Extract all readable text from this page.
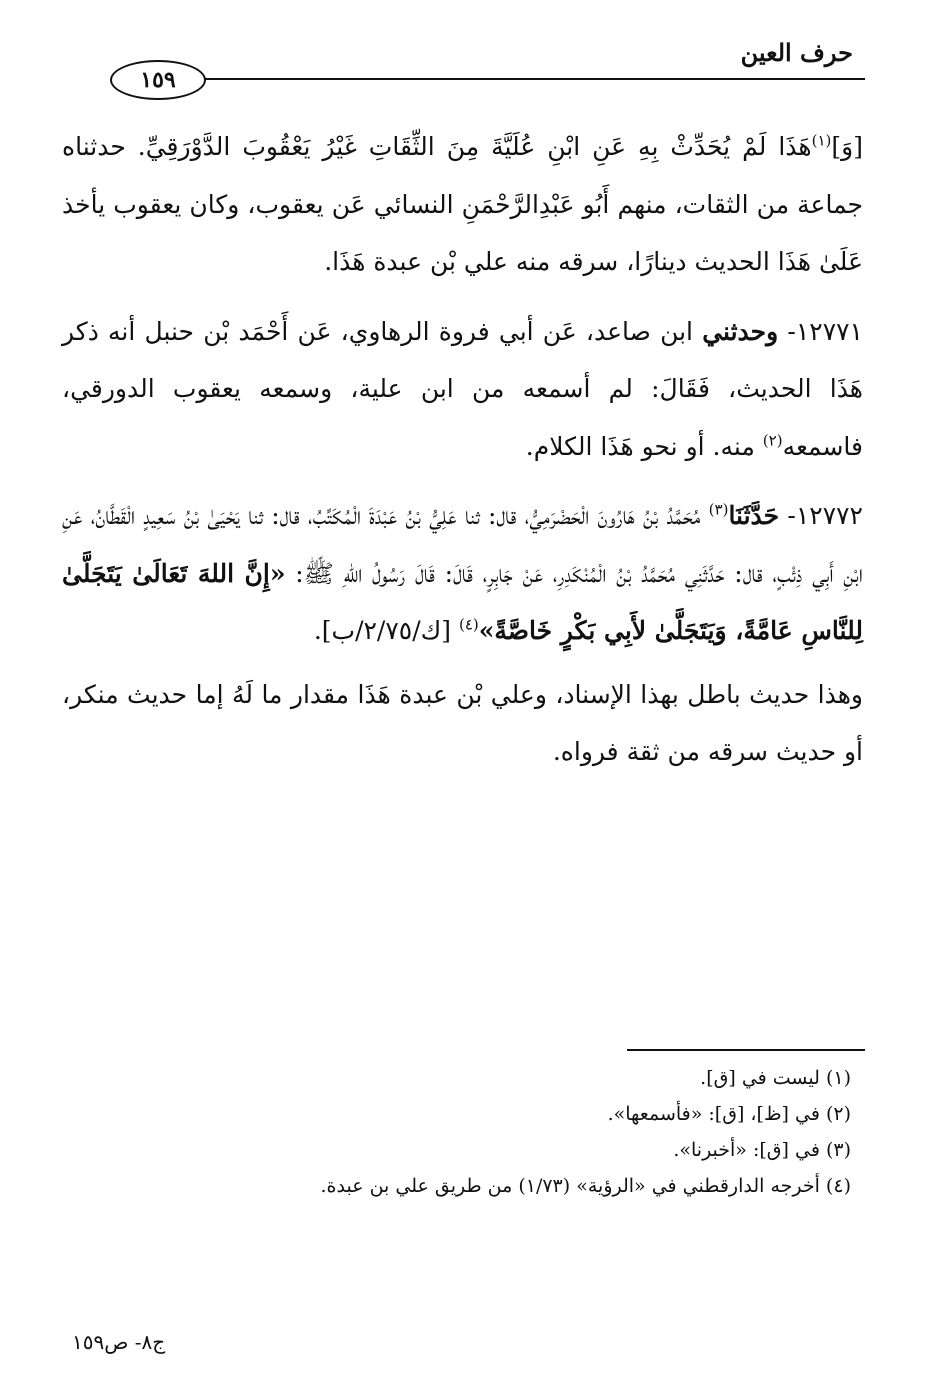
حرف العين
١٥٩

[وَ]$^{(١)}$هَذَا لَمْ يُحَدِّثْ بِهِ عَنِ ابْنِ عُلَيَّةَ مِنَ الثِّقَاتِ غَيْرُ يَعْقُوبَ الدَّوْرَقِيِّ. حدثناه جماعة من الثقات، منهم أَبُو عَبْدِالرَّحْمَنِ النسائي عَن يعقوب، وكان يعقوب يأخذ عَلَىٰ هَذَا الحديث دينارًا، سرقه منه علي بْن عبدة هَذَا.

١٢٧٧١- وحدثني ابن صاعد، عَن أبي فروة الرهاوي، عَن أَحْمَد بْن حنبل أنه ذكر هَذَا الحديث، فَقَالَ: لم أسمعه من ابن علية، وسمعه يعقوب الدورقي، فاسمعه$^{(٢)}$ منه. أو نحو هَذَا الكلام.

١٢٧٧٢- حَدَّثَنَا$^{(٣)}$ مُحَمَّدُ بْنُ هَارُونَ الْحَضْرَمِيُّ، قال: ثنا عَلِيُّ بْنُ عَبْدَةَ الْمُكَتِّبُ، قال: ثنا يَحْيَىٰ بْنُ سَعِيدٍ الْقَطَّانُ، عَنِ ابْنِ أَبِي ذِئْبٍ، قال: حَدَّثَنِي مُحَمَّدُ بْنُ الْمُنْكَدِرِ، عَنْ جَابِرٍ، قَالَ: قَالَ رَسُولُ اللهِ ﷺ: «إِنَّ اللهَ تَعَالَىٰ يَتَجَلَّىٰ لِلنَّاسِ عَامَّةً، وَيَتَجَلَّىٰ لأَبِي بَكْرٍ خَاصَّةً»$^{(٤)}$ [ك/٢/٧٥/ب].

وهذا حديث باطل بهذا الإسناد، وعلي بْن عبدة هَذَا مقدار ما لَهُ إما حديث منكر، أو حديث سرقه من ثقة فرواه.

(١) ليست في [ق].
(٢) في [ظ]، [ق]: «فأسمعها».
(٣) في [ق]: «أخبرنا».
(٤) أخرجه الدارقطني في «الرؤية» (١/٧٣) من طريق علي بن عبدة.
ج٨- ص١٥٩
